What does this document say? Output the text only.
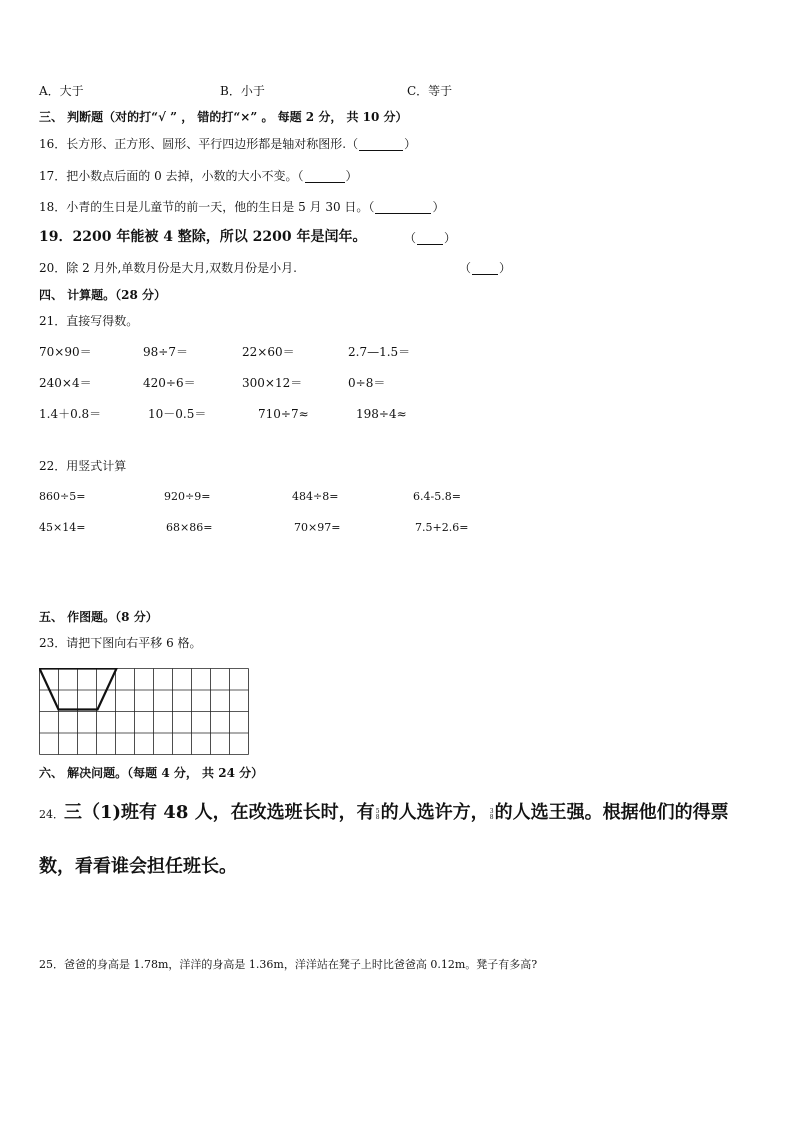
A．大于	B．小于	C．等于
三、 判断题（对的打“√ ” ， 错的打“×” 。 每题 2 分， 共 10 分）
16．长方形、正方形、圆形、平行四边形都是轴对称图形.（	）
17．把小数点后面的 0 去掉，小数的大小不变。（	）
18．小青的生日是儿童节的前一天，他的生日是 5 月 30 日。（	）
19．2200 年能被 4 整除，所以 2200 年是闰年。	（ ）
20．除 2 月外,单数月份是大月,双数月份是小月.	（ ）
四、 计算题。（28 分）
21．直接写得数。
70×90＝	98÷7＝	22×60＝	2.7—1.5＝
240×4＝	420÷6＝	300×12＝	0÷8＝
1.4＋0.8＝	10－0.5＝	710÷7≈	198÷4≈
22．用竖式计算
860÷5=	920÷9=	484÷8=	6.4-5.8=
45×14=	68×86=	70×97=	7.5+2.6=
五、 作图题。（8 分）
23．请把下图向右平移 6 格。
六、 解决问题。（每题 4 分， 共 24 分）
24．三（1)班有 48 人，在改选班长时，有 5
8 的人选许方， 3
8 的人选王强。根据他们的得票
数，看看谁会担任班长。
25．爸爸的身高是 1.78m，洋洋的身高是 1.36m，洋洋站在凳子上时比爸爸高 0.12m。凳子有多高?
